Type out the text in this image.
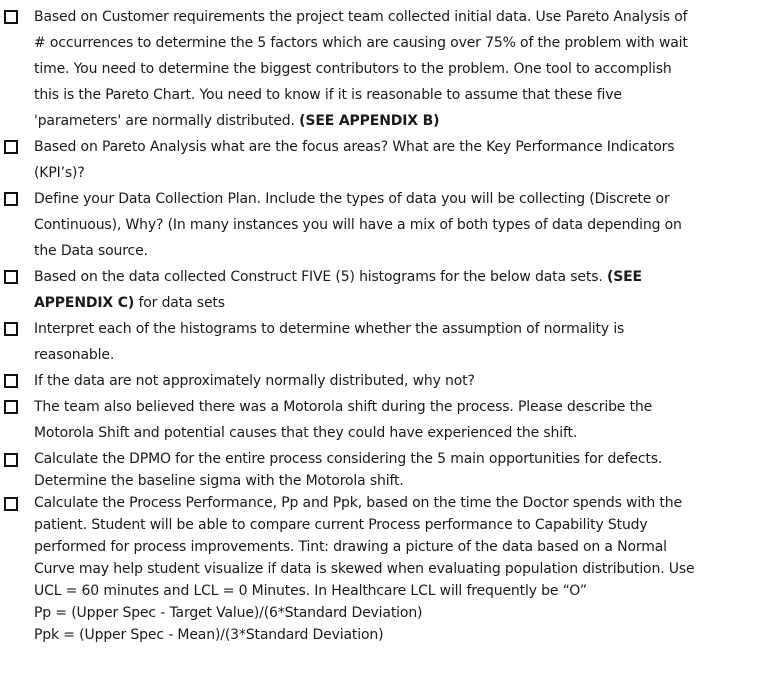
Based on Customer requirements the project team collected initial data. Use Pareto Analysis of
# occurrences to determine the 5 factors which are causing over 75% of the problem with wait
time. You need to determine the biggest contributors to the problem. One tool to accomplish
this is the Pareto Chart. You need to know if it is reasonable to assume that these five
'parameters' are normally distributed. (SEE APPENDIX B)
Based on Pareto Analysis what are the focus areas? What are the Key Performance Indicators
(KPI’s)?
Define your Data Collection Plan. Include the types of data you will be collecting (Discrete or
Continuous), Why? (In many instances you will have a mix of both types of data depending on
the Data source.
Based on the data collected Construct FIVE (5) histograms for the below data sets. (SEE
APPENDIX C) for data sets
Interpret each of the histograms to determine whether the assumption of normality is
reasonable.
If the data are not approximately normally distributed, why not?
The team also believed there was a Motorola shift during the process. Please describe the
Motorola Shift and potential causes that they could have experienced the shift.
Calculate the DPMO for the entire process considering the 5 main opportunities for defects.
Determine the baseline sigma with the Motorola shift.
Calculate the Process Performance, Pp and Ppk, based on the time the Doctor spends with the
patient. Student will be able to compare current Process performance to Capability Study
performed for process improvements. Tint: drawing a picture of the data based on a Normal
Curve may help student visualize if data is skewed when evaluating population distribution. Use
UCL = 60 minutes and LCL = 0 Minutes. In Healthcare LCL will frequently be “O”
Pp = (Upper Spec - Target Value)/(6*Standard Deviation)
Ppk = (Upper Spec - Mean)/(3*Standard Deviation)
